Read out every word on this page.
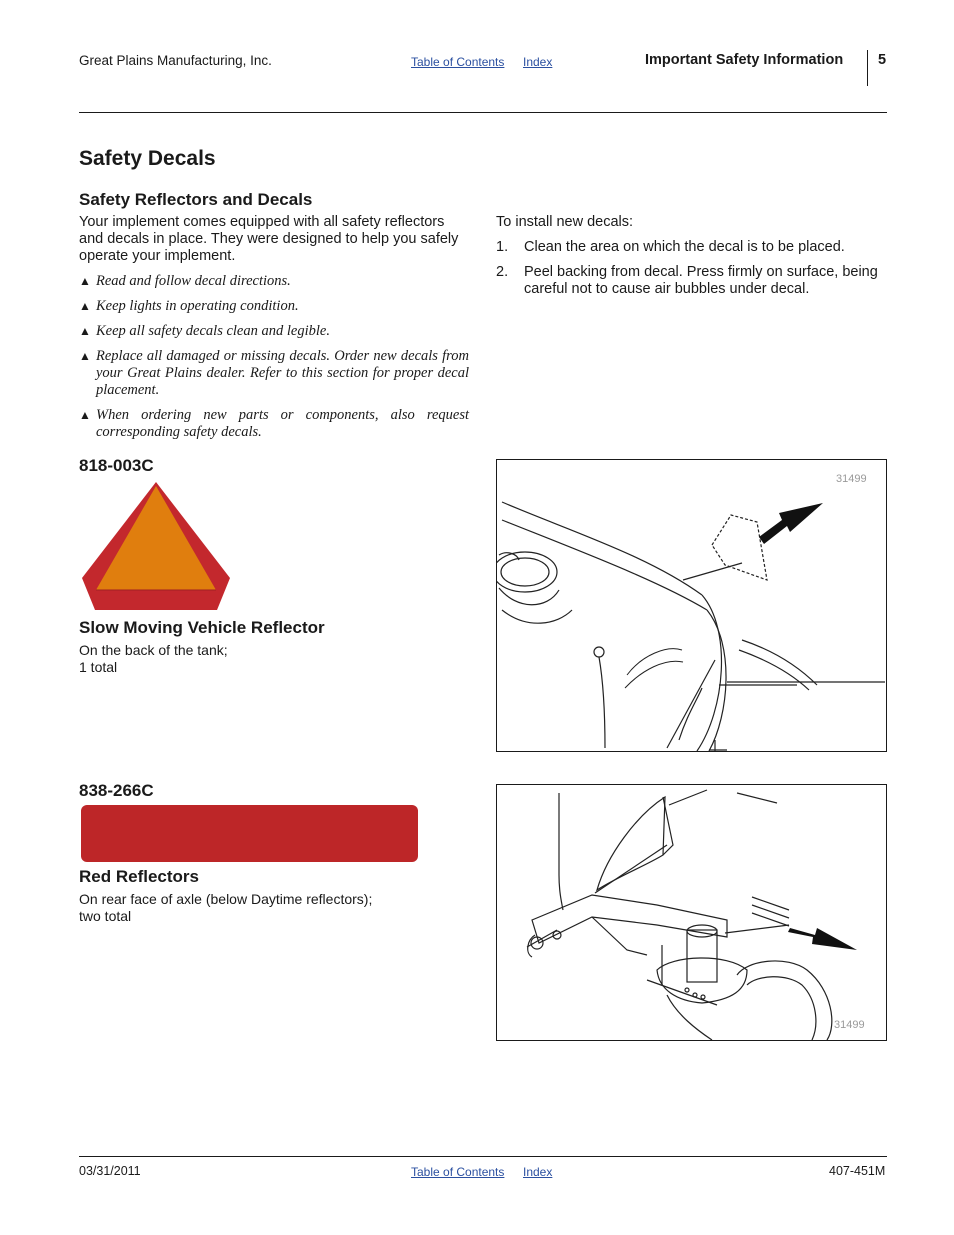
Great Plains Manufacturing, Inc.	Table of Contents Index	Important Safety Information 5
Safety Decals
Safety Reflectors and Decals
Your implement comes equipped with all safety reflectors and decals in place. They were designed to help you safely operate your implement.
▲ Read and follow decal directions.
▲ Keep lights in operating condition.
▲ Keep all safety decals clean and legible.
▲ Replace all damaged or missing decals. Order new decals from your Great Plains dealer. Refer to this section for proper decal placement.
▲ When ordering new parts or components, also request corresponding safety decals.
To install new decals:
1. Clean the area on which the decal is to be placed.
2. Peel backing from decal. Press firmly on surface, being careful not to cause air bubbles under decal.
818-003C
Slow Moving Vehicle Reflector
On the back of the tank;
1 total
31499
838-266C
Red Reflectors
On rear face of axle (below Daytime reflectors);
two total
31499
03/31/2011	Table of Contents Index	407-451M
